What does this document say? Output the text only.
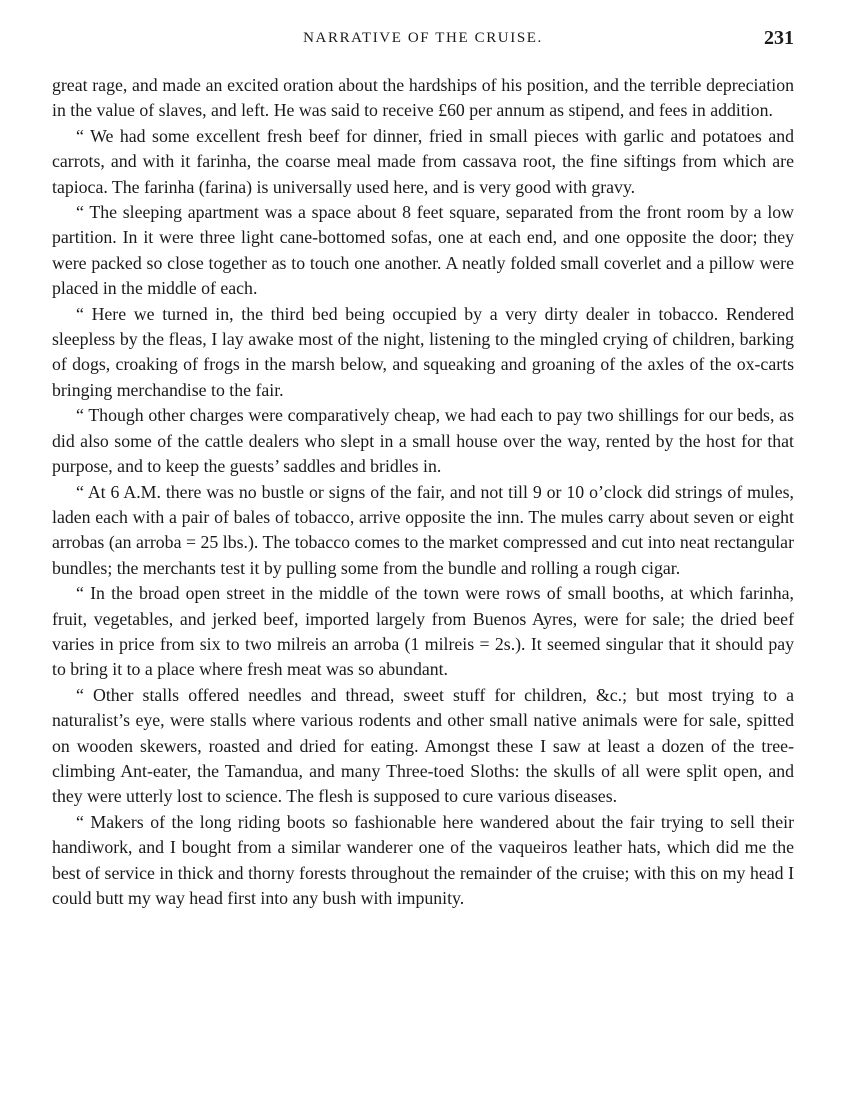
NARRATIVE OF THE CRUISE.	231

great rage, and made an excited oration about the hardships of his position, and the terrible depreciation in the value of slaves, and left. He was said to receive £60 per annum as stipend, and fees in addition.

“ We had some excellent fresh beef for dinner, fried in small pieces with garlic and potatoes and carrots, and with it farinha, the coarse meal made from cassava root, the fine siftings from which are tapioca. The farinha (farina) is universally used here, and is very good with gravy.

“ The sleeping apartment was a space about 8 feet square, separated from the front room by a low partition. In it were three light cane-bottomed sofas, one at each end, and one opposite the door; they were packed so close together as to touch one another. A neatly folded small coverlet and a pillow were placed in the middle of each.

“ Here we turned in, the third bed being occupied by a very dirty dealer in tobacco. Rendered sleepless by the fleas, I lay awake most of the night, listening to the mingled crying of children, barking of dogs, croaking of frogs in the marsh below, and squeaking and groaning of the axles of the ox-carts bringing merchandise to the fair.

“ Though other charges were comparatively cheap, we had each to pay two shillings for our beds, as did also some of the cattle dealers who slept in a small house over the way, rented by the host for that purpose, and to keep the guests’ saddles and bridles in.

“ At 6 A.M. there was no bustle or signs of the fair, and not till 9 or 10 o’clock did strings of mules, laden each with a pair of bales of tobacco, arrive opposite the inn. The mules carry about seven or eight arrobas (an arroba = 25 lbs.). The tobacco comes to the market compressed and cut into neat rectangular bundles; the merchants test it by pulling some from the bundle and rolling a rough cigar.

“ In the broad open street in the middle of the town were rows of small booths, at which farinha, fruit, vegetables, and jerked beef, imported largely from Buenos Ayres, were for sale; the dried beef varies in price from six to two milreis an arroba (1 milreis = 2s.). It seemed singular that it should pay to bring it to a place where fresh meat was so abundant.

“ Other stalls offered needles and thread, sweet stuff for children, &c.; but most trying to a naturalist’s eye, were stalls where various rodents and other small native animals were for sale, spitted on wooden skewers, roasted and dried for eating. Amongst these I saw at least a dozen of the tree-climbing Ant-eater, the Tamandua, and many Three-toed Sloths: the skulls of all were split open, and they were utterly lost to science. The flesh is supposed to cure various diseases.

“ Makers of the long riding boots so fashionable here wandered about the fair trying to sell their handiwork, and I bought from a similar wanderer one of the vaqueiros leather hats, which did me the best of service in thick and thorny forests throughout the remainder of the cruise; with this on my head I could butt my way head first into any bush with impunity.
